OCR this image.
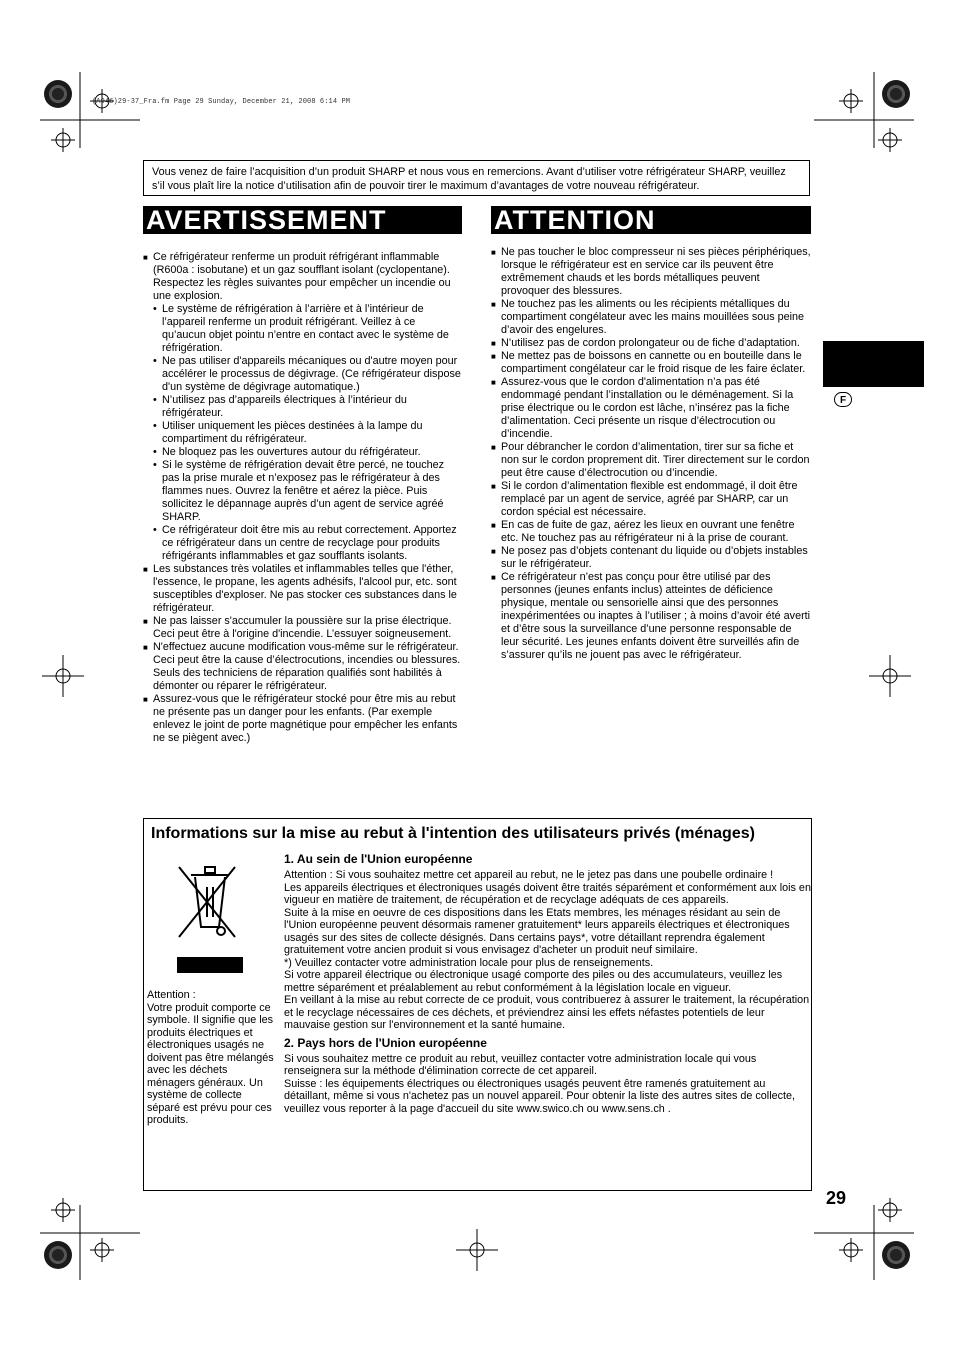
(A946)29-37_Fra.fm Page 29 Sunday, December 21, 2008 6:14 PM
Vous venez de faire l’acquisition d’un produit SHARP et nous vous en remercions. Avant d’utiliser votre réfrigérateur SHARP, veuillez s’il vous plaît lire la notice d’utilisation afin de pouvoir tirer le maximum d’avantages de votre nouveau réfrigérateur.
AVERTISSEMENT	ATTENTION
■ Ce réfrigérateur renferme un produit réfrigérant inflammable (R600a : isobutane) et un gaz soufflant isolant (cyclopentane). Respectez les règles suivantes pour empêcher un incendie ou une explosion.
• Le système de réfrigération à l’arrière et à l’intérieur de l’appareil renferme un produit réfrigérant. Veillez à ce qu’aucun objet pointu n’entre en contact avec le système de réfrigération.
• Ne pas utiliser d'appareils mécaniques ou d'autre moyen pour accélérer le processus de dégivrage. (Ce réfrigérateur dispose d'un système de dégivrage automatique.)
• N’utilisez pas d’appareils électriques à l’intérieur du réfrigérateur.
• Utiliser uniquement les pièces destinées à la lampe du compartiment du réfrigérateur.
• Ne bloquez pas les ouvertures autour du réfrigérateur.
• Si le système de réfrigération devait être percé, ne touchez pas la prise murale et n’exposez pas le réfrigérateur à des flammes nues. Ouvrez la fenêtre et aérez la pièce. Puis sollicitez le dépannage auprès d’un agent de service agréé SHARP.
• Ce réfrigérateur doit être mis au rebut correctement. Apportez ce réfrigérateur dans un centre de recyclage pour produits réfrigérants inflammables et gaz soufflants isolants.
■ Les substances très volatiles et inflammables telles que l'éther, l'essence, le propane, les agents adhésifs, l'alcool pur, etc. sont susceptibles d'exploser. Ne pas stocker ces substances dans le réfrigérateur.
■ Ne pas laisser s'accumuler la poussière sur la prise électrique. Ceci peut être à l'origine d'incendie. L’essuyer soigneusement.
■ N'effectuez aucune modification vous-même sur le réfrigérateur. Ceci peut être la cause d’électrocutions, incendies ou blessures. Seuls des techniciens de réparation qualifiés sont habilités à démonter ou réparer le réfrigérateur.
■ Assurez-vous que le réfrigérateur stocké pour être mis au rebut ne présente pas un danger pour les enfants. (Par exemple enlevez le joint de porte magnétique pour empêcher les enfants ne se piègent avec.)
■ Ne pas toucher le bloc compresseur ni ses pièces périphériques, lorsque le réfrigérateur est en service car ils peuvent être extrêmement chauds et les bords métalliques peuvent provoquer des blessures.
■ Ne touchez pas les aliments ou les récipients métalliques du compartiment congélateur avec les mains mouillées sous peine d’avoir des engelures.
■ N’utilisez pas de cordon prolongateur ou de fiche d’adaptation.
■ Ne mettez pas de boissons en cannette ou en bouteille dans le compartiment congélateur car le froid risque de les faire éclater.
■ Assurez-vous que le cordon d'alimentation n’a pas été endommagé pendant l’installation ou le déménagement. Si la prise électrique ou le cordon est lâche, n’insérez pas la fiche d’alimentation. Ceci présente un risque d’électrocution ou d’incendie.
■ Pour débrancher le cordon d’alimentation, tirer sur sa fiche et non sur le cordon proprement dit. Tirer directement sur le cordon peut être cause d’électrocution ou d’incendie.
■ Si le cordon d’alimentation flexible est endommagé, il doit être remplacé par un agent de service, agréé par SHARP, car un cordon spécial est nécessaire.
■ En cas de fuite de gaz, aérez les lieux en ouvrant une fenêtre etc. Ne touchez pas au réfrigérateur ni à la prise de courant.
■ Ne posez pas d’objets contenant du liquide ou d’objets instables sur le réfrigérateur.
■ Ce réfrigérateur n’est pas conçu pour être utilisé par des personnes (jeunes enfants inclus) atteintes de déficience physique, mentale ou sensorielle ainsi que des personnes inexpérimentées ou inaptes à l’utiliser ; à moins d’avoir été averti et d’être sous la surveillance d’une personne responsable de leur sécurité. Les jeunes enfants doivent être surveillés afin de s’assurer qu’ils ne jouent pas avec le réfrigérateur.
F
Informations sur la mise au rebut à l'intention des utilisateurs privés (ménages)
Attention :
Votre produit comporte ce symbole. Il signifie que les produits électriques et électroniques usagés ne doivent pas être mélangés avec les déchets ménagers généraux. Un système de collecte séparé est prévu pour ces produits.
1. Au sein de l'Union européenne

Attention : Si vous souhaitez mettre cet appareil au rebut, ne le jetez pas dans une poubelle ordinaire !

Les appareils électriques et électroniques usagés doivent être traités séparément et conformément aux lois en vigueur en matière de traitement, de récupération et de recyclage adéquats de ces appareils.

Suite à la mise en oeuvre de ces dispositions dans les Etats membres, les ménages résidant au sein de l'Union européenne peuvent désormais ramener gratuitement* leurs appareils électriques et électroniques usagés sur des sites de collecte désignés. Dans certains pays*, votre détaillant reprendra également gratuitement votre ancien produit si vous envisagez d'acheter un produit neuf similaire.

*) Veuillez contacter votre administration locale pour plus de renseignements.

Si votre appareil électrique ou électronique usagé comporte des piles ou des accumulateurs, veuillez les mettre séparément et préalablement au rebut conformément à la législation locale en vigueur.

En veillant à la mise au rebut correcte de ce produit, vous contribuerez à assurer le traitement, la récupération et le recyclage nécessaires de ces déchets, et préviendrez ainsi les effets néfastes potentiels de leur mauvaise gestion sur l'environnement et la santé humaine.

2. Pays hors de l'Union européenne

Si vous souhaitez mettre ce produit au rebut, veuillez contacter votre administration locale qui vous renseignera sur la méthode d'élimination correcte de cet appareil.

Suisse : les équipements électriques ou électroniques usagés peuvent être ramenés gratuitement au détaillant, même si vous n'achetez pas un nouvel appareil. Pour obtenir la liste des autres sites de collecte, veuillez vous reporter à la page d'accueil du site www.swico.ch ou www.sens.ch .

29
